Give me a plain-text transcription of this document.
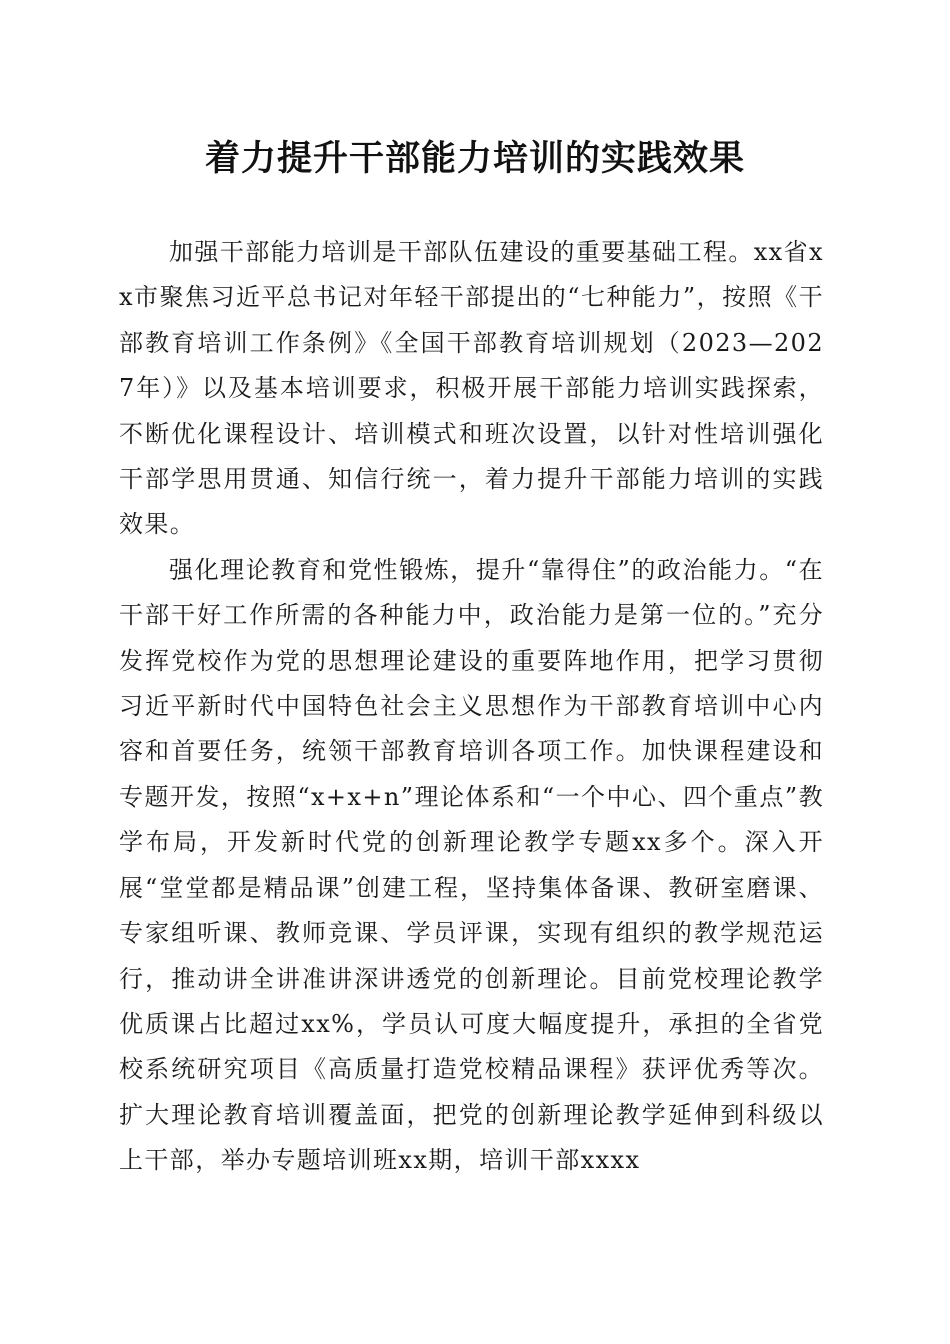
着力提升干部能力培训的实践效果

加强干部能力培训是干部队伍建设的重要基础工程。xx省xx市聚焦习近平总书记对年轻干部提出的“七种能力”，按照《干部教育培训工作条例》《全国干部教育培训规划（2023—2027年）》以及基本培训要求，积极开展干部能力培训实践探索，不断优化课程设计、培训模式和班次设置，以针对性培训强化干部学思用贯通、知信行统一，着力提升干部能力培训的实践效果。

强化理论教育和党性锻炼，提升“靠得住”的政治能力。“在干部干好工作所需的各种能力中，政治能力是第一位的。”充分发挥党校作为党的思想理论建设的重要阵地作用，把学习贯彻习近平新时代中国特色社会主义思想作为干部教育培训中心内容和首要任务，统领干部教育培训各项工作。加快课程建设和专题开发，按照“x+x+n”理论体系和“一个中心、四个重点”教学布局，开发新时代党的创新理论教学专题xx多个。深入开展“堂堂都是精品课”创建工程，坚持集体备课、教研室磨课、专家组听课、教师竞课、学员评课，实现有组织的教学规范运行，推动讲全讲准讲深讲透党的创新理论。目前党校理论教学优质课占比超过xx%，学员认可度大幅度提升，承担的全省党校系统研究项目《高质量打造党校精品课程》获评优秀等次。扩大理论教育培训覆盖面，把党的创新理论教学延伸到科级以上干部，举办专题培训班xx期，培训干部xxxx
